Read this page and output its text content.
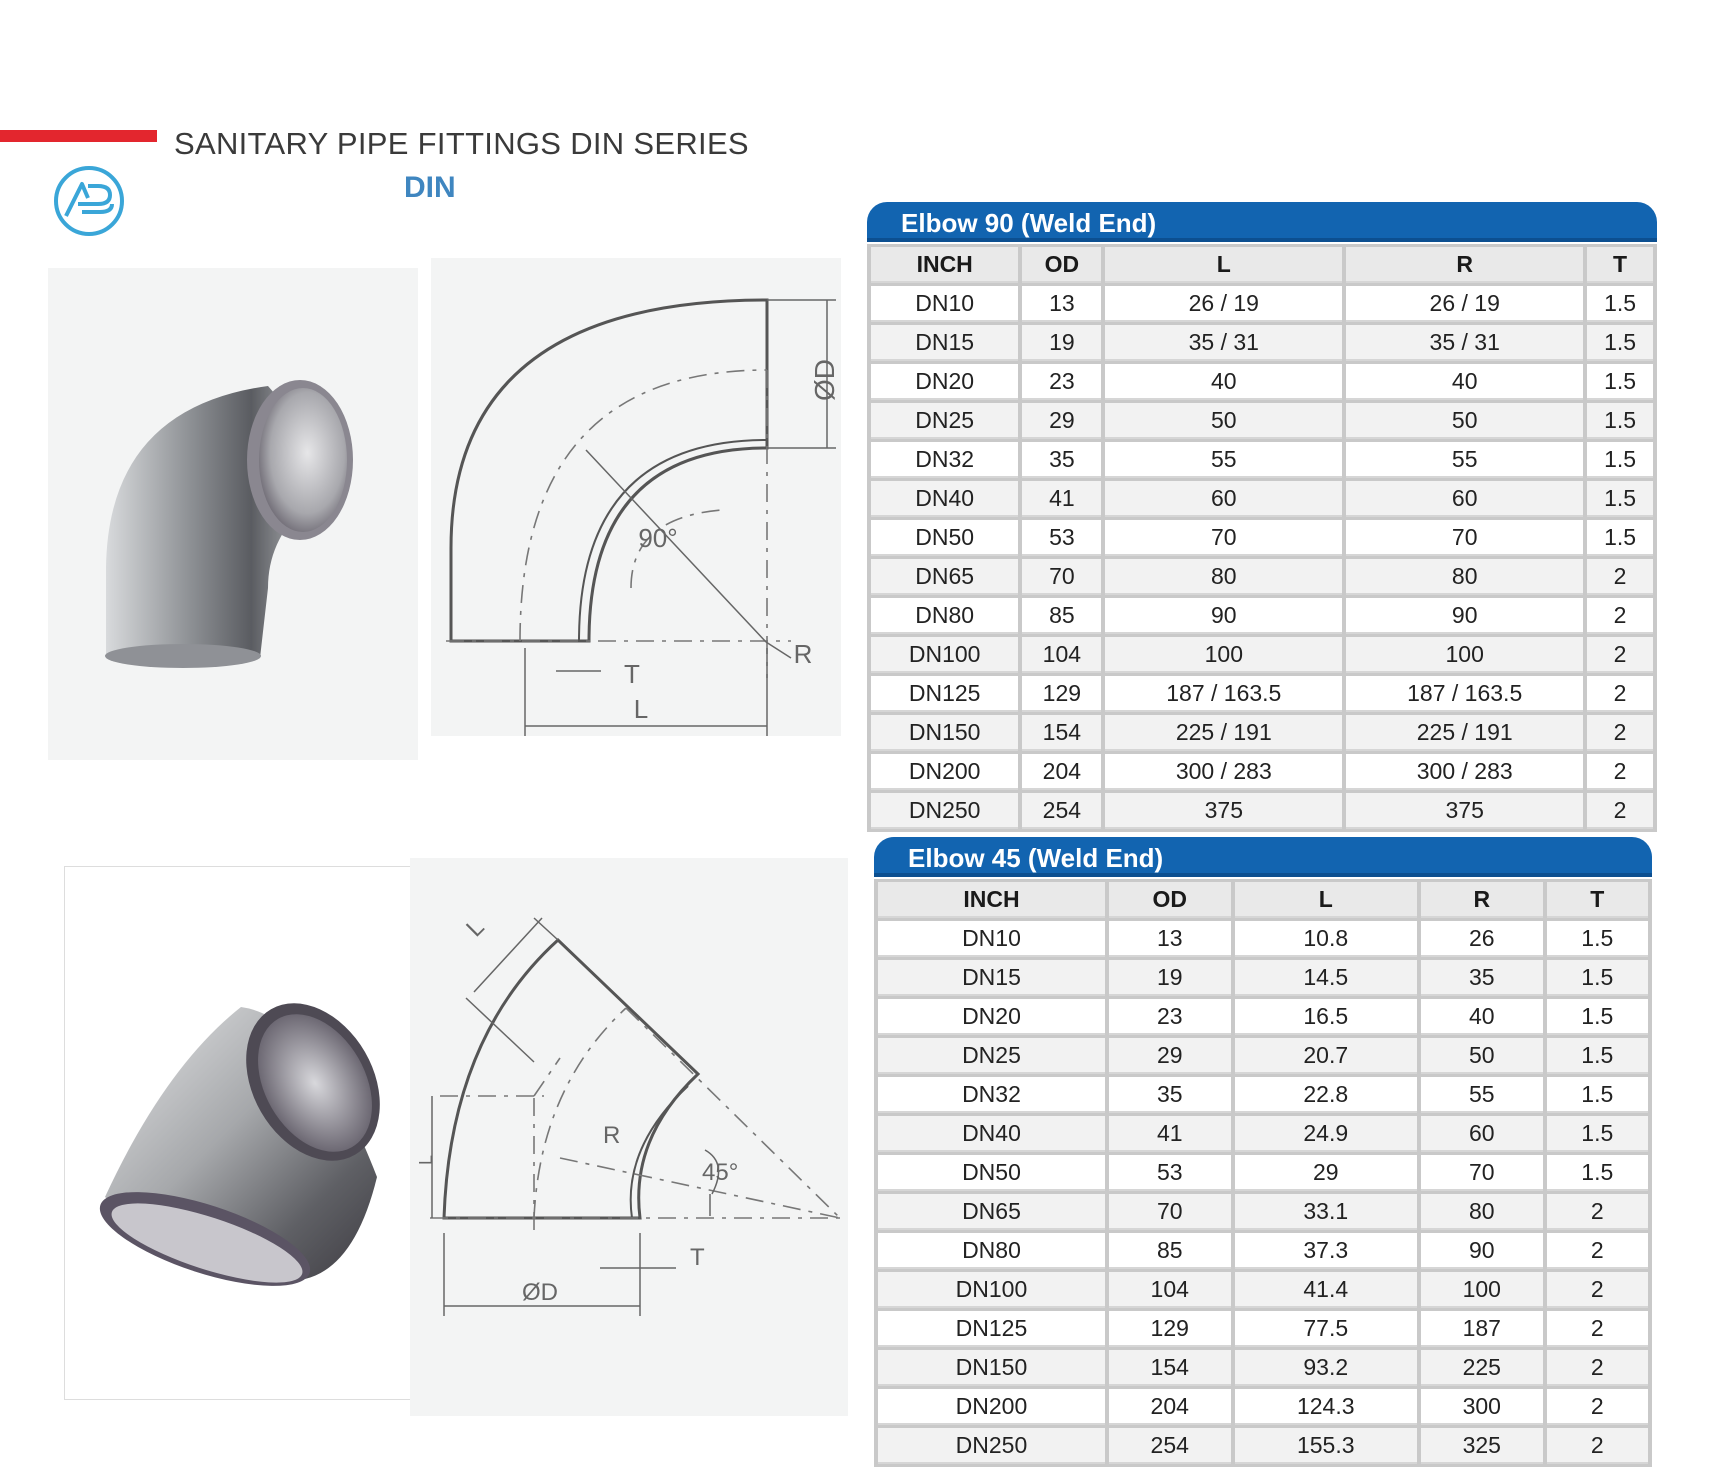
SANITARY PIPE FITTINGS DIN SERIES
DIN
ØD
90°
T
L
R
Elbow 90 (Weld End)
INCH	OD	L	R	T
DN10	13	26 / 19	26 / 19	1.5
DN15	19	35 / 31	35 / 31	1.5
DN20	23	40	40	1.5
DN25	29	50	50	1.5
DN32	35	55	55	1.5
DN40	41	60	60	1.5
DN50	53	70	70	1.5
DN65	70	80	80	2
DN80	85	90	90	2
DN100	104	100	100	2
DN125	129	187 / 163.5	187 / 163.5	2
DN150	154	225 / 191	225 / 191	2
DN200	204	300 / 283	300 / 283	2
DN250	254	375	375	2
L
R
45°
T
ØD
L
Elbow 45 (Weld End)
INCH	OD	L	R	T
DN10	13	10.8	26	1.5
DN15	19	14.5	35	1.5
DN20	23	16.5	40	1.5
DN25	29	20.7	50	1.5
DN32	35	22.8	55	1.5
DN40	41	24.9	60	1.5
DN50	53	29	70	1.5
DN65	70	33.1	80	2
DN80	85	37.3	90	2
DN100	104	41.4	100	2
DN125	129	77.5	187	2
DN150	154	93.2	225	2
DN200	204	124.3	300	2
DN250	254	155.3	325	2
